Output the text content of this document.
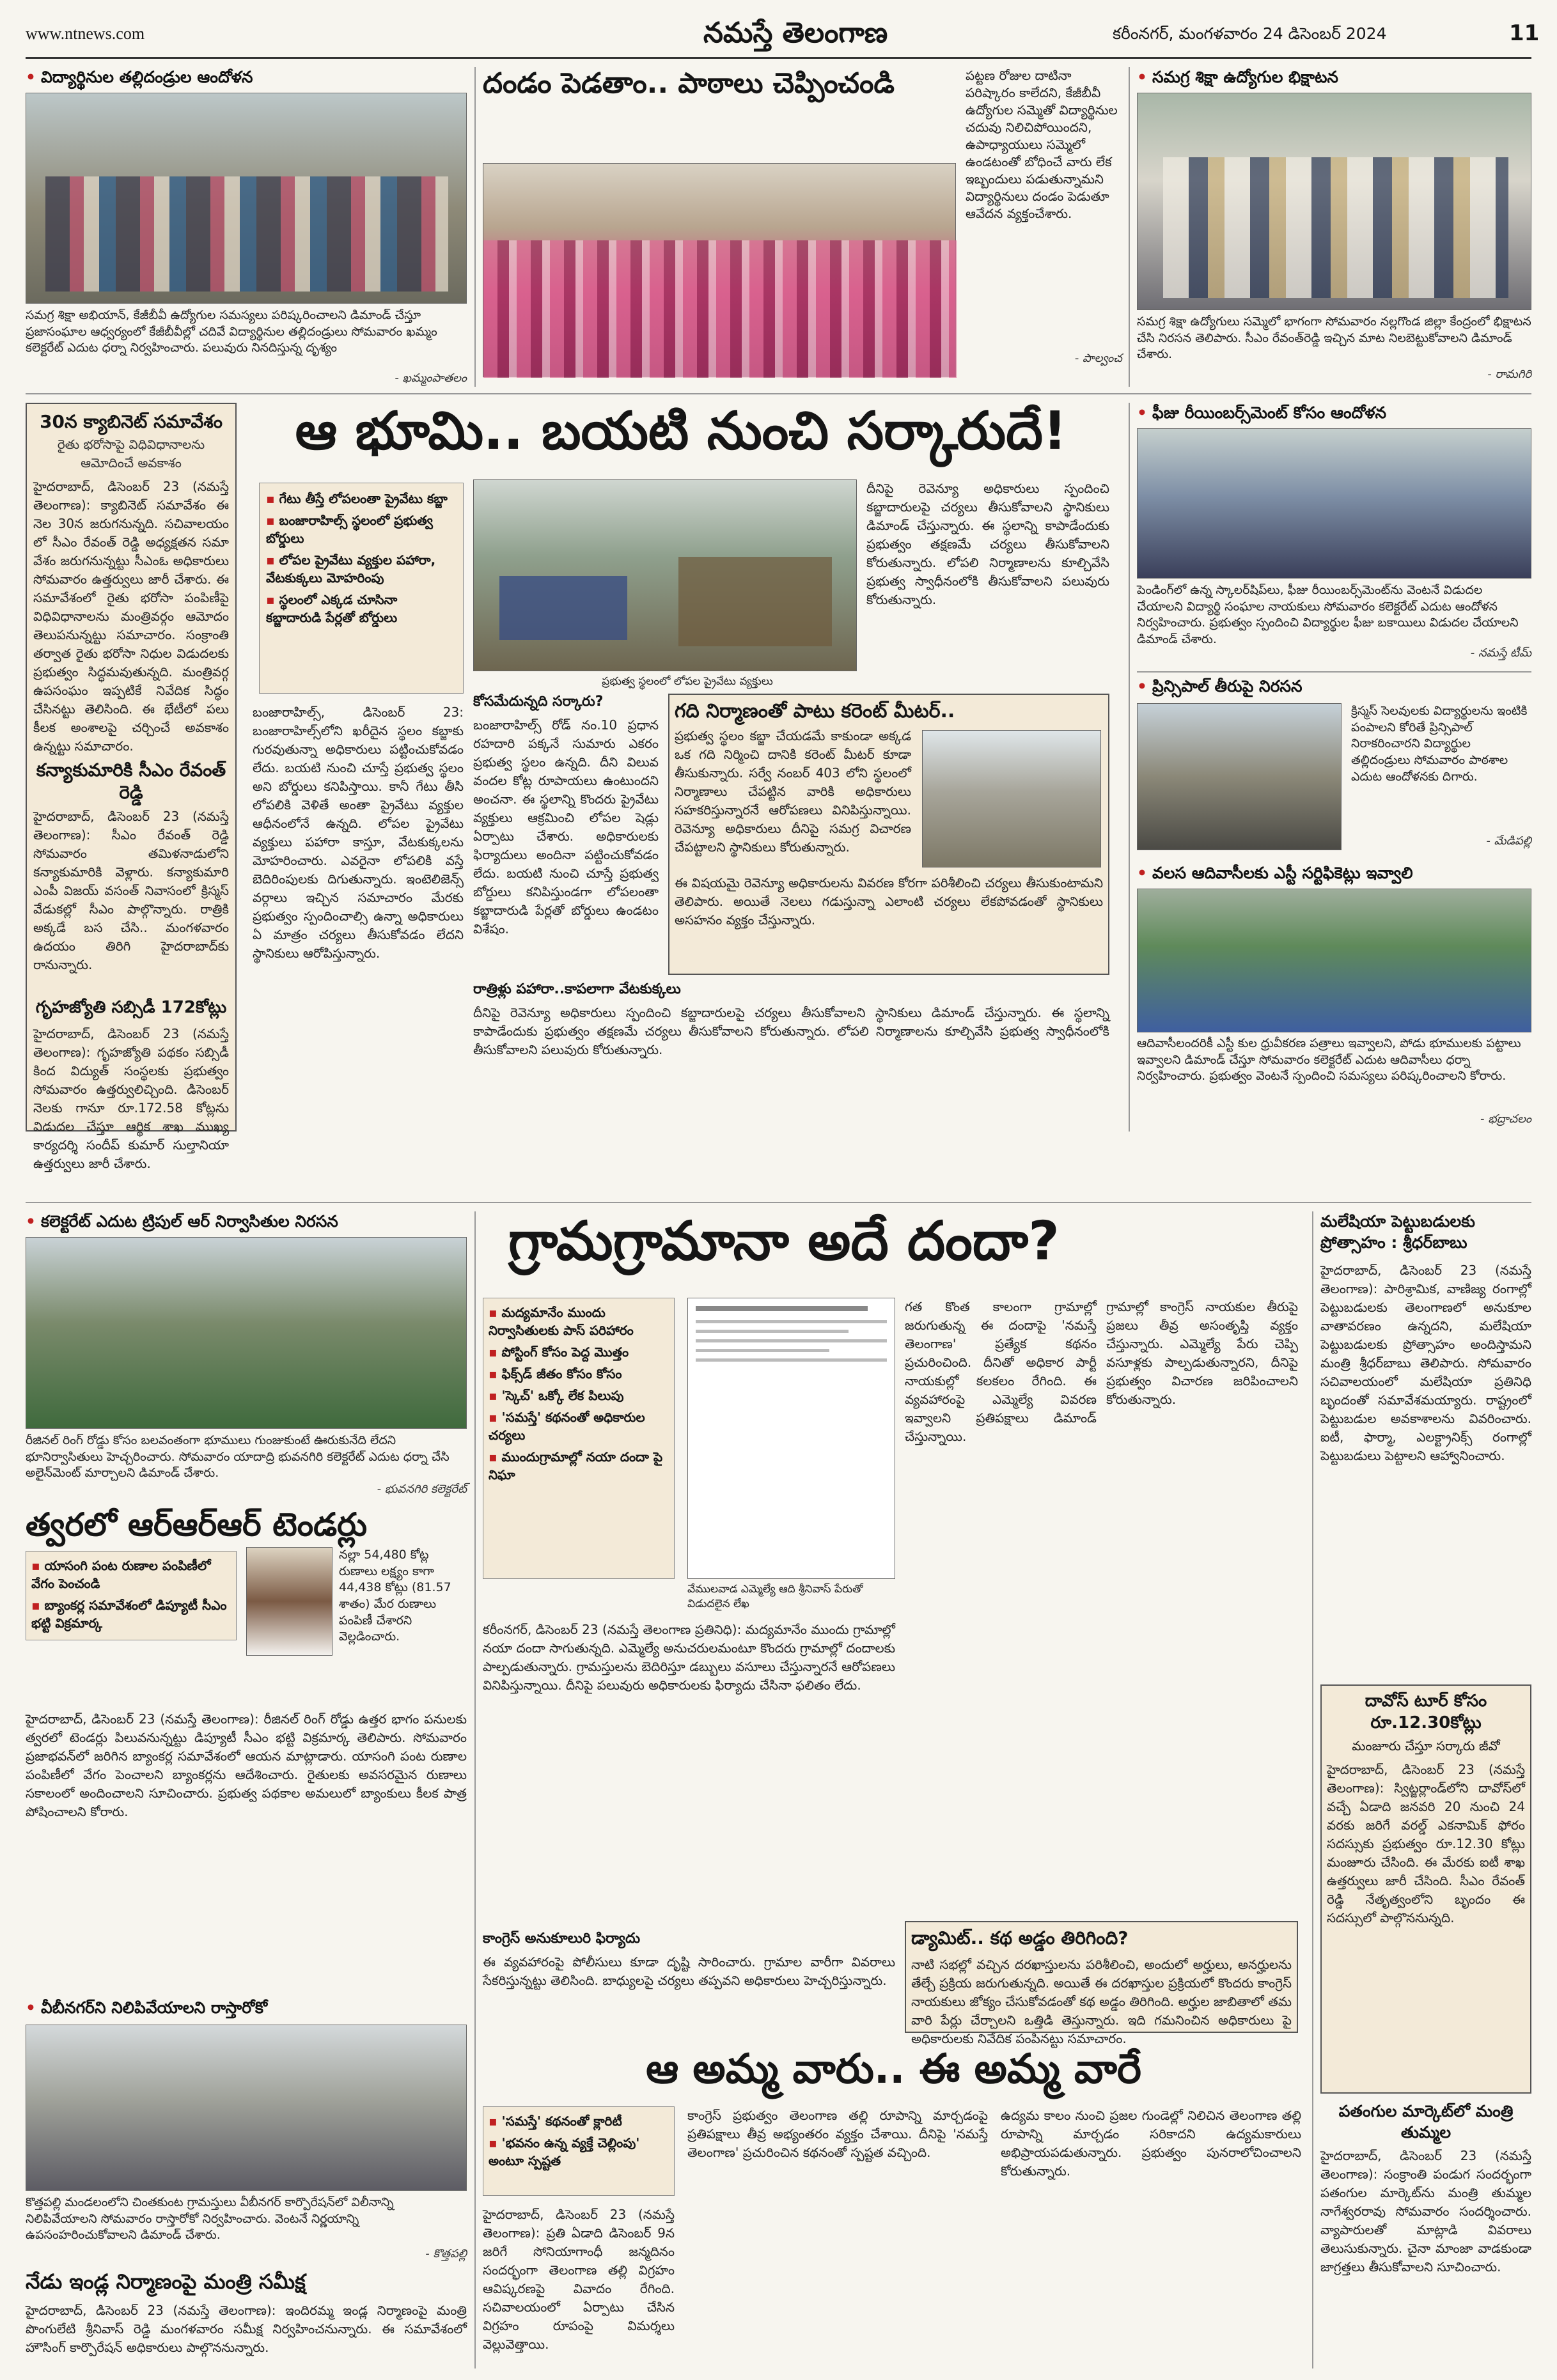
www.ntnews.com	నమస్తే తెలంగాణ	కరీంనగర్, మంగళవారం 24 డిసెంబర్ 2024	11
• విద్యార్థినుల తల్లిదండ్రుల ఆందోళన
సమగ్ర శిక్షా అభియాన్, కేజీబీవీ ఉద్యోగుల సమస్యలు పరిష్కరించాలని డిమాండ్ చేస్తూ ప్రజాసంఘాల ఆధ్వర్యంలో కేజీబీవీల్లో చదివే విద్యార్థినుల తల్లిదండ్రులు సోమవారం ఖమ్మం కలెక్టరేట్ ఎదుట ధర్నా నిర్వహించారు. పలువురు నినదిస్తున్న దృశ్యం
- ఖమ్మంపాతలం
దండం పెడతాం.. పాఠాలు చెప్పించండి	పట్టణ రోజుల దాటినా పరిష్కారం కాలేదని, కేజీబీవీ ఉద్యోగుల సమ్మెతో విద్యార్థినుల చదువు నిలిచిపోయిందని, ఉపాధ్యాయులు సమ్మెలో ఉండటంతో బోధించే వారు లేక ఇబ్బందులు పడుతున్నామని విద్యార్థినులు దండం పెడుతూ ఆవేదన వ్యక్తంచేశారు.
- పాల్వంచ
• సమగ్ర శిక్షా ఉద్యోగుల భిక్షాటన
సమగ్ర శిక్షా ఉద్యోగులు సమ్మెలో భాగంగా సోమవారం నల్లగొండ జిల్లా కేంద్రంలో భిక్షాటన చేసి నిరసన తెలిపారు. సీఎం రేవంత్‌రెడ్డి ఇచ్చిన మాట నిలబెట్టుకోవాలని డిమాండ్ చేశారు.
- రామగిరి
30న క్యాబినెట్ సమావేశం
రైతు భరోసాపై విధివిధానాలను ఆమోదించే అవకాశం
హైదరాబాద్, డిసెంబర్ 23 (నమస్తే తెలంగాణ): క్యాబినెట్ సమావేశం ఈ నెల 30న జరుగనున్నది. సచివాలయం లో సీఎం రేవంత్ రెడ్డి అధ్యక్షతన సమా వేశం జరుగనున్నట్టు సీఎంఓ అధికారులు సోమవారం ఉత్తర్వులు జారీ చేశారు. ఈ సమావేశంలో రైతు భరోసా పంపిణీపై విధివిధానాలను మంత్రివర్గం ఆమోదం తెలుపనున్నట్టు సమాచారం. సంక్రాంతి తర్వాత రైతు భరోసా నిధుల విడుదలకు ప్రభుత్వం సిద్ధమవుతున్నది. మంత్రివర్గ ఉపసంఘం ఇప్పటికే నివేదిక సిద్ధం చేసినట్టు తెలిసింది. ఈ భేటీలో పలు కీలక అంశాలపై చర్చించే అవకాశం ఉన్నట్టు సమాచారం.
కన్యాకుమారికి సీఎం రేవంత్ రెడ్డి
హైదరాబాద్, డిసెంబర్ 23 (నమస్తే తెలంగాణ): సీఎం రేవంత్ రెడ్డి సోమవారం తమిళనాడులోని కన్యాకుమారికి వెళ్లారు. కన్యాకుమారి ఎంపీ విజయ్ వసంత్ నివాసంలో క్రిస్మస్ వేడుకల్లో సీఎం పాల్గొన్నారు. రాత్రికి అక్కడే బస చేసి.. మంగళవారం ఉదయం తిరిగి హైదరాబాద్‌కు రానున్నారు.
గృహజ్యోతి సబ్సిడీ 172కోట్లు
హైదరాబాద్, డిసెంబర్ 23 (నమస్తే తెలంగాణ): గృహజ్యోతి పథకం సబ్సిడీ కింద విద్యుత్ సంస్థలకు ప్రభుత్వం సోమవారం ఉత్తర్వులిచ్చింది. డిసెంబర్ నెలకు గానూ రూ.172.58 కోట్లను విడుదల చేస్తూ ఆర్థిక శాఖ ముఖ్య కార్యదర్శి సందీప్ కుమార్ సుల్తానియా ఉత్తర్వులు జారీ చేశారు.
ఆ భూమి.. బయటి నుంచి సర్కారుదే!
▪ గేటు తీస్తే లోపలంతా ప్రైవేటు కబ్జా
▪ బంజారాహిల్స్ స్థలంలో ప్రభుత్వ బోర్డులు
▪ లోపల ప్రైవేటు వ్యక్తుల పహారా, వేటకుక్కలు మోహరింపు
▪ స్థలంలో ఎక్కడ చూసినా కబ్జాదారుడి పేర్లతో బోర్డులు
ప్రభుత్వ స్థలంలో లోపల ప్రైవేటు వ్యక్తులు
బంజారాహిల్స్, డిసెంబర్ 23: బంజారాహిల్స్‌లోని ఖరీదైన స్థలం కబ్జాకు గురవుతున్నా అధికారులు పట్టించుకోవడం లేదు. బయటి నుంచి చూస్తే ప్రభుత్వ స్థలం అని బోర్డులు కనిపిస్తాయి. కానీ గేటు తీసి లోపలికి వెళితే అంతా ప్రైవేటు వ్యక్తుల ఆధీనంలోనే ఉన్నది. లోపల ప్రైవేటు వ్యక్తులు పహారా కాస్తూ, వేటకుక్కలను మోహరించారు. ఎవరైనా లోపలికి వస్తే బెదిరింపులకు దిగుతున్నారు. ఇంటెలిజెన్స్ వర్గాలు ఇచ్చిన సమాచారం మేరకు ప్రభుత్వం స్పందించాల్సి ఉన్నా అధికారులు ఏ మాత్రం చర్యలు తీసుకోవడం లేదని స్థానికులు ఆరోపిస్తున్నారు.
కోసమేదున్నది సర్కారు?
బంజారాహిల్స్ రోడ్ నం.10 ప్రధాన రహదారి పక్కనే సుమారు ఎకరం ప్రభుత్వ స్థలం ఉన్నది. దీని విలువ వందల కోట్ల రూపాయలు ఉంటుందని అంచనా. ఈ స్థలాన్ని కొందరు ప్రైవేటు వ్యక్తులు ఆక్రమించి లోపల షెడ్లు ఏర్పాటు చేశారు. అధికారులకు ఫిర్యాదులు అందినా పట్టించుకోవడం లేదు. బయటి నుంచి చూస్తే ప్రభుత్వ బోర్డులు కనిపిస్తుండగా లోపలంతా కబ్జాదారుడి పేర్లతో బోర్డులు ఉండటం విశేషం.
దీనిపై రెవెన్యూ అధికారులు స్పందించి కబ్జాదారులపై చర్యలు తీసుకోవాలని స్థానికులు డిమాండ్ చేస్తున్నారు. ఈ స్థలాన్ని కాపాడేందుకు ప్రభుత్వం తక్షణమే చర్యలు తీసుకోవాలని కోరుతున్నారు. లోపలి నిర్మాణాలను కూల్చివేసి ప్రభుత్వ స్వాధీనంలోకి తీసుకోవాలని పలువురు కోరుతున్నారు.
గది నిర్మాణంతో పాటు కరెంట్ మీటర్..
ప్రభుత్వ స్థలం కబ్జా చేయడమే కాకుండా అక్కడ ఒక గది నిర్మించి దానికి కరెంట్ మీటర్ కూడా తీసుకున్నారు. సర్వే నంబర్ 403 లోని స్థలంలో నిర్మాణాలు చేపట్టిన వారికి అధికారులు సహకరిస్తున్నారనే ఆరోపణలు వినిపిస్తున్నాయి. రెవెన్యూ అధికారులు దీనిపై సమగ్ర విచారణ చేపట్టాలని స్థానికులు కోరుతున్నారు.
ఈ విషయమై రెవెన్యూ అధికారులను వివరణ కోరగా పరిశీలించి చర్యలు తీసుకుంటామని తెలిపారు. అయితే నెలలు గడుస్తున్నా ఎలాంటి చర్యలు లేకపోవడంతో స్థానికులు అసహనం వ్యక్తం చేస్తున్నారు.
రాత్రిళ్లు పహారా..కాపలాగా వేటకుక్కలు
దీనిపై రెవెన్యూ అధికారులు స్పందించి కబ్జాదారులపై చర్యలు తీసుకోవాలని స్థానికులు డిమాండ్ చేస్తున్నారు. ఈ స్థలాన్ని కాపాడేందుకు ప్రభుత్వం తక్షణమే చర్యలు తీసుకోవాలని కోరుతున్నారు. లోపలి నిర్మాణాలను కూల్చివేసి ప్రభుత్వ స్వాధీనంలోకి తీసుకోవాలని పలువురు కోరుతున్నారు.
• ఫీజు రీయింబర్స్‌మెంట్ కోసం ఆందోళన
పెండింగ్‌లో ఉన్న స్కాలర్‌షిప్‌లు, ఫీజు రీయింబర్స్‌మెంట్‌ను వెంటనే విడుదల చేయాలని విద్యార్థి సంఘాల నాయకులు సోమవారం కలెక్టరేట్ ఎదుట ఆందోళన నిర్వహించారు. ప్రభుత్వం స్పందించి విద్యార్థుల ఫీజు బకాయిలు విడుదల చేయాలని డిమాండ్ చేశారు.
- నమస్తే టీమ్
• ప్రిన్సిపాల్ తీరుపై నిరసన
క్రిస్మస్ సెలవులకు విద్యార్థులను ఇంటికి పంపాలని కోరితే ప్రిన్సిపాల్ నిరాకరించారని విద్యార్థుల తల్లిదండ్రులు సోమవారం పాఠశాల ఎదుట ఆందోళనకు దిగారు.
- మేడిపల్లి
• వలస ఆదివాసీలకు ఎస్టీ సర్టిఫికెట్లు ఇవ్వాలి
ఆదివాసీలందరికీ ఎస్టీ కుల ధ్రువీకరణ పత్రాలు ఇవ్వాలని, పోడు భూములకు పట్టాలు ఇవ్వాలని డిమాండ్ చేస్తూ సోమవారం కలెక్టరేట్ ఎదుట ఆదివాసీలు ధర్నా నిర్వహించారు. ప్రభుత్వం వెంటనే స్పందించి సమస్యలు పరిష్కరించాలని కోరారు.
- భద్రాచలం
• కలెక్టరేట్ ఎదుట ట్రిపుల్ ఆర్ నిర్వాసితుల నిరసన
రీజినల్ రింగ్ రోడ్డు కోసం బలవంతంగా భూములు గుంజుకుంటే ఊరుకునేది లేదని భూనిర్వాసితులు హెచ్చరించారు. సోమవారం యాదాద్రి భువనగిరి కలెక్టరేట్ ఎదుట ధర్నా చేసి అలైన్‌మెంట్ మార్చాలని డిమాండ్ చేశారు.
- భువనగిరి కలెక్టరేట్
త్వరలో ఆర్‌ఆర్‌ఆర్ టెండర్లు
▪ యాసంగి పంట రుణాల పంపిణీలో వేగం పెంచండి
▪ బ్యాంకర్ల సమావేశంలో డిప్యూటీ సీఎం భట్టి విక్రమార్క
నల్లా 54,480 కోట్ల రుణాలు లక్ష్యం కాగా 44,438 కోట్లు (81.57 శాతం) మేర రుణాలు పంపిణీ చేశారని వెల్లడించారు.
హైదరాబాద్, డిసెంబర్ 23 (నమస్తే తెలంగాణ): రీజినల్ రింగ్ రోడ్డు ఉత్తర భాగం పనులకు త్వరలో టెండర్లు పిలువనున్నట్టు డిప్యూటీ సీఎం భట్టి విక్రమార్క తెలిపారు. సోమవారం ప్రజాభవన్‌లో జరిగిన బ్యాంకర్ల సమావేశంలో ఆయన మాట్లాడారు. యాసంగి పంట రుణాల పంపిణీలో వేగం పెంచాలని బ్యాంకర్లను ఆదేశించారు. రైతులకు అవసరమైన రుణాలు సకాలంలో అందించాలని సూచించారు. ప్రభుత్వ పథకాల అమలులో బ్యాంకులు కీలక పాత్ర పోషించాలని కోరారు.
• వీబీనగర్‌ని నిలిపివేయాలని రాస్తారోకో
కొత్తపల్లి మండలంలోని చింతకుంట గ్రామస్తులు వీబీనగర్ కార్పొరేషన్‌లో విలీనాన్ని నిలిపివేయాలని సోమవారం రాస్తారోకో నిర్వహించారు. వెంటనే నిర్ణయాన్ని ఉపసంహరించుకోవాలని డిమాండ్ చేశారు.
- కొత్తపల్లి
నేడు ఇండ్ల నిర్మాణంపై మంత్రి సమీక్ష
హైదరాబాద్, డిసెంబర్ 23 (నమస్తే తెలంగాణ): ఇందిరమ్మ ఇండ్ల నిర్మాణంపై మంత్రి పొంగులేటి శ్రీనివాస్ రెడ్డి మంగళవారం సమీక్ష నిర్వహించనున్నారు. ఈ సమావేశంలో హౌసింగ్ కార్పొరేషన్ అధికారులు పాల్గొననున్నారు.
గ్రామగ్రామానా అదే దందా?
▪ మద్యమానేం ముందు నిర్వాసితులకు పాస్ పరిహారం
▪ పోస్టింగ్ కోసం పెద్ద మొత్తం
▪ ఫిక్స్‌డ్ జీతం కోసం కోసం
▪ 'స్కెచ్' ఒక్కో లేక పిలుపు
▪ 'సమస్తే' కథనంతో అధికారుల చర్యలు
▪ ముందుగ్రామాల్లో నయా దందా పై నిఘా
వేములవాడ ఎమ్మెల్యే ఆది శ్రీనివాస్ పేరుతో విడుదలైన లేఖ
కరీంనగర్, డిసెంబర్ 23 (నమస్తే తెలంగాణ ప్రతినిధి): మద్యమానేం ముందు గ్రామాల్లో నయా దందా సాగుతున్నది. ఎమ్మెల్యే అనుచరులమంటూ కొందరు గ్రామాల్లో దందాలకు పాల్పడుతున్నారు. గ్రామస్తులను బెదిరిస్తూ డబ్బులు వసూలు చేస్తున్నారనే ఆరోపణలు వినిపిస్తున్నాయి. దీనిపై పలువురు అధికారులకు ఫిర్యాదు చేసినా ఫలితం లేదు.
గత కొంత కాలంగా గ్రామాల్లో జరుగుతున్న ఈ దందాపై 'నమస్తే తెలంగాణ' ప్రత్యేక కథనం ప్రచురించింది. దీనితో అధికార పార్టీ నాయకుల్లో కలకలం రేగింది. ఈ వ్యవహారంపై ఎమ్మెల్యే వివరణ ఇవ్వాలని ప్రతిపక్షాలు డిమాండ్ చేస్తున్నాయి.
గ్రామాల్లో కాంగ్రెస్ నాయకుల తీరుపై ప్రజలు తీవ్ర అసంతృప్తి వ్యక్తం చేస్తున్నారు. ఎమ్మెల్యే పేరు చెప్పి వసూళ్లకు పాల్పడుతున్నారని, దీనిపై ప్రభుత్వం విచారణ జరిపించాలని కోరుతున్నారు.
కాంగ్రెస్ అనుకూలురి ఫిర్యాదు
ఈ వ్యవహారంపై పోలీసులు కూడా దృష్టి సారించారు. గ్రామాల వారీగా వివరాలు సేకరిస్తున్నట్టు తెలిసింది. బాధ్యులపై చర్యలు తప్పవని అధికారులు హెచ్చరిస్తున్నారు.
డ్యామిట్.. కథ అడ్డం తిరిగింది?
నాటి సభల్లో వచ్చిన దరఖాస్తులను పరిశీలించి, అందులో అర్హులు, అనర్హులను తేల్చే ప్రక్రియ జరుగుతున్నది. అయితే ఈ దరఖాస్తుల ప్రక్రియలో కొందరు కాంగ్రెస్ నాయకులు జోక్యం చేసుకోవడంతో కథ అడ్డం తిరిగింది. అర్హుల జాబితాలో తమ వారి పేర్లు చేర్చాలని ఒత్తిడి తెస్తున్నారు. ఇది గమనించిన అధికారులు పై అధికారులకు నివేదిక పంపినట్టు సమాచారం.
ఆ అమ్మ వారు.. ఈ అమ్మ వారే
▪ 'సమస్తే' కథనంతో క్లారిటీ
▪ 'భవనం ఉన్న వ్యక్తే చెల్లింపు' అంటూ స్పష్టత
హైదరాబాద్, డిసెంబర్ 23 (నమస్తే తెలంగాణ): ప్రతి ఏడాది డిసెంబర్ 9న జరిగే సోనియాగాంధీ జన్మదినం సందర్భంగా తెలంగాణ తల్లి విగ్రహం ఆవిష్కరణపై వివాదం రేగింది. సచివాలయంలో ఏర్పాటు చేసిన విగ్రహం రూపంపై విమర్శలు వెల్లువెత్తాయి.
కాంగ్రెస్ ప్రభుత్వం తెలంగాణ తల్లి రూపాన్ని మార్చడంపై ప్రతిపక్షాలు తీవ్ర అభ్యంతరం వ్యక్తం చేశాయి. దీనిపై 'నమస్తే తెలంగాణ' ప్రచురించిన కథనంతో స్పష్టత వచ్చింది.
ఉద్యమ కాలం నుంచి ప్రజల గుండెల్లో నిలిచిన తెలంగాణ తల్లి రూపాన్ని మార్చడం సరికాదని ఉద్యమకారులు అభిప్రాయపడుతున్నారు. ప్రభుత్వం పునరాలోచించాలని కోరుతున్నారు.
మలేషియా పెట్టుబడులకు ప్రోత్సాహం : శ్రీధర్‌బాబు
హైదరాబాద్, డిసెంబర్ 23 (నమస్తే తెలంగాణ): పారిశ్రామిక, వాణిజ్య రంగాల్లో పెట్టుబడులకు తెలంగాణలో అనుకూల వాతావరణం ఉన్నదని, మలేషియా పెట్టుబడులకు ప్రోత్సాహం అందిస్తామని మంత్రి శ్రీధర్‌బాబు తెలిపారు. సోమవారం సచివాలయంలో మలేషియా ప్రతినిధి బృందంతో సమావేశమయ్యారు. రాష్ట్రంలో పెట్టుబడుల అవకాశాలను వివరించారు. ఐటీ, ఫార్మా, ఎలక్ట్రానిక్స్ రంగాల్లో పెట్టుబడులు పెట్టాలని ఆహ్వానించారు.
దావోస్ టూర్ కోసం రూ.12.30కోట్లు
మంజూరు చేస్తూ సర్కారు జీవో
హైదరాబాద్, డిసెంబర్ 23 (నమస్తే తెలంగాణ): స్విట్జర్లాండ్‌లోని దావోస్‌లో వచ్చే ఏడాది జనవరి 20 నుంచి 24 వరకు జరిగే వరల్డ్ ఎకనామిక్ ఫోరం సదస్సుకు ప్రభుత్వం రూ.12.30 కోట్లు మంజూరు చేసింది. ఈ మేరకు ఐటీ శాఖ ఉత్తర్వులు జారీ చేసింది. సీఎం రేవంత్ రెడ్డి నేతృత్వంలోని బృందం ఈ సదస్సులో పాల్గొననున్నది.
పతంగుల మార్కెట్‌లో మంత్రి తుమ్మల
హైదరాబాద్, డిసెంబర్ 23 (నమస్తే తెలంగాణ): సంక్రాంతి పండుగ సందర్భంగా పతంగుల మార్కెట్‌ను మంత్రి తుమ్మల నాగేశ్వరరావు సోమవారం సందర్శించారు. వ్యాపారులతో మాట్లాడి వివరాలు తెలుసుకున్నారు. చైనా మాంజా వాడకుండా జాగ్రత్తలు తీసుకోవాలని సూచించారు.
